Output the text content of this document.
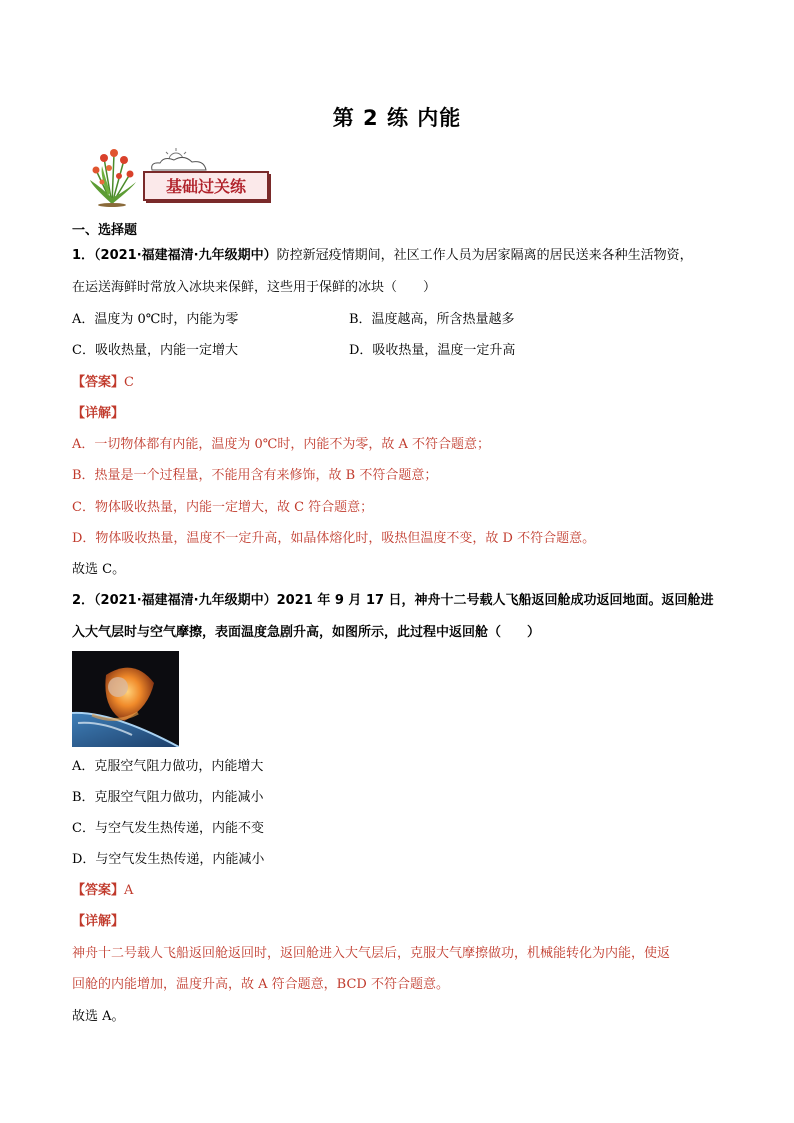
第 2 练 内能
基础过关练
一、选择题
1．（2021·福建福清·九年级期中）防控新冠疫情期间，社区工作人员为居家隔离的居民送来各种生活物资，
在运送海鲜时常放入冰块来保鲜，这些用于保鲜的冰块（　　）
A．温度为 0℃时，内能为零	B．温度越高，所含热量越多
C．吸收热量，内能一定增大	D．吸收热量，温度一定升高
【答案】C
【详解】
A．一切物体都有内能，温度为 0℃时，内能不为零，故 A 不符合题意；
B．热量是一个过程量，不能用含有来修饰，故 B 不符合题意；
C．物体吸收热量，内能一定增大，故 C 符合题意；
D．物体吸收热量，温度不一定升高，如晶体熔化时，吸热但温度不变，故 D 不符合题意。
故选 C。
2．（2021·福建福清·九年级期中）2021 年 9 月 17 日，神舟十二号载人飞船返回舱成功返回地面。返回舱进
入大气层时与空气摩擦，表面温度急剧升高，如图所示，此过程中返回舱（　　）
A．克服空气阻力做功，内能增大
B．克服空气阻力做功，内能减小
C．与空气发生热传递，内能不变
D．与空气发生热传递，内能减小
【答案】A
【详解】
神舟十二号载人飞船返回舱返回时，返回舱进入大气层后，克服大气摩擦做功，机械能转化为内能，使返
回舱的内能增加，温度升高，故 A 符合题意，BCD 不符合题意。
故选 A。
